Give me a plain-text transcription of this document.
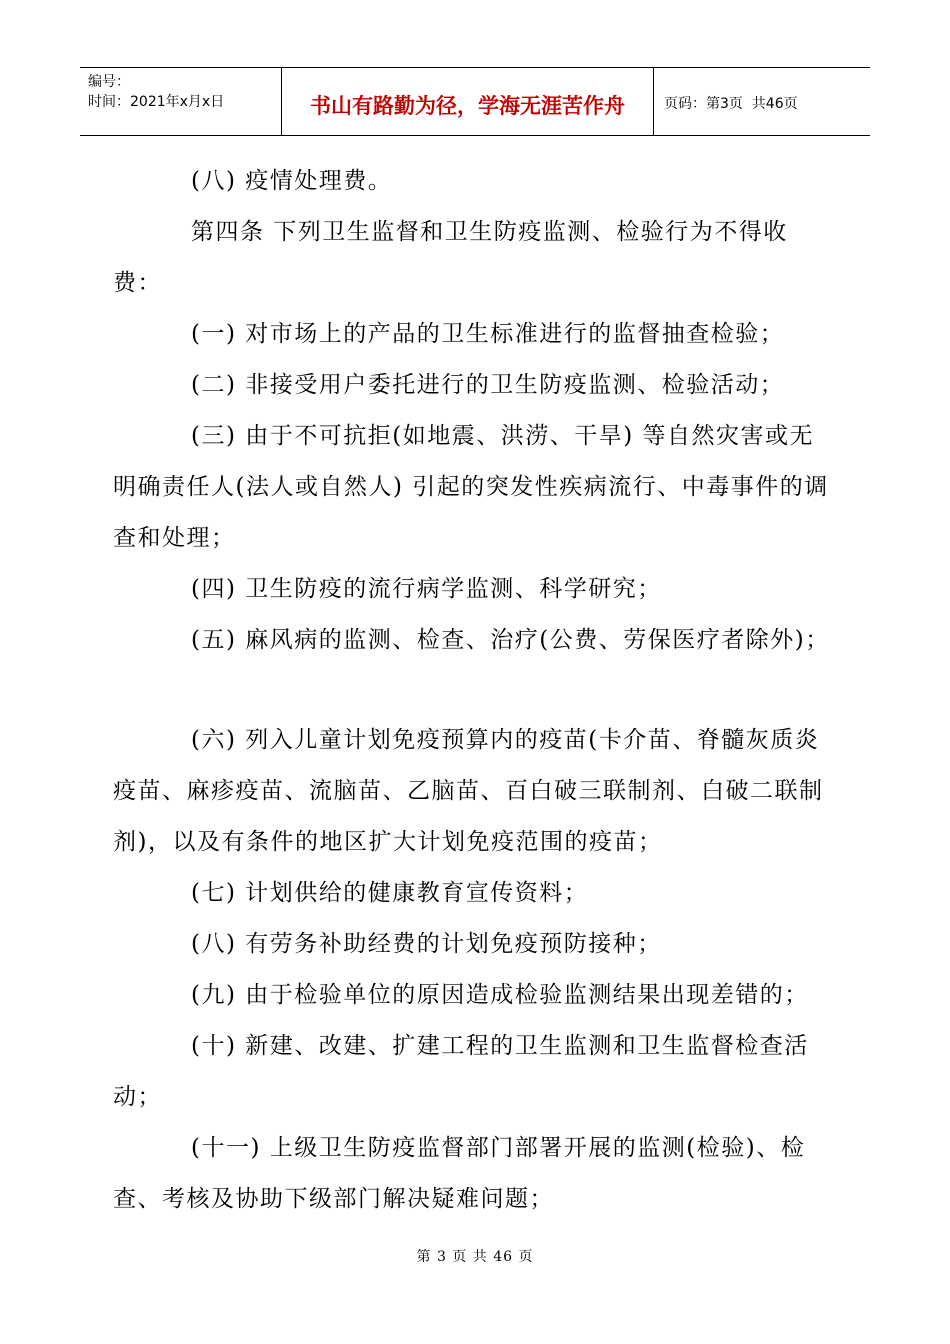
编号：
时间：2021年x月x日	书山有路勤为径，学海无涯苦作舟	页码：第3页  共46页

(八) 疫情处理费。

第四条 下列卫生监督和卫生防疫监测、检验行为不得收费：

(一) 对市场上的产品的卫生标准进行的监督抽查检验；

(二) 非接受用户委托进行的卫生防疫监测、检验活动；

(三) 由于不可抗拒(如地震、洪涝、干旱) 等自然灾害或无明确责任人(法人或自然人) 引起的突发性疾病流行、中毒事件的调查和处理；

(四) 卫生防疫的流行病学监测、科学研究；

(五) 麻风病的监测、检查、治疗(公费、劳保医疗者除外)；

(六) 列入儿童计划免疫预算内的疫苗(卡介苗、脊髓灰质炎疫苗、麻疹疫苗、流脑苗、乙脑苗、百白破三联制剂、白破二联制剂)，以及有条件的地区扩大计划免疫范围的疫苗；

(七) 计划供给的健康教育宣传资料；

(八) 有劳务补助经费的计划免疫预防接种；

(九) 由于检验单位的原因造成检验监测结果出现差错的；

(十) 新建、改建、扩建工程的卫生监测和卫生监督检查活动；

(十一) 上级卫生防疫监督部门部署开展的监测(检验)、检查、考核及协助下级部门解决疑难问题；

第 3 页 共 46 页
